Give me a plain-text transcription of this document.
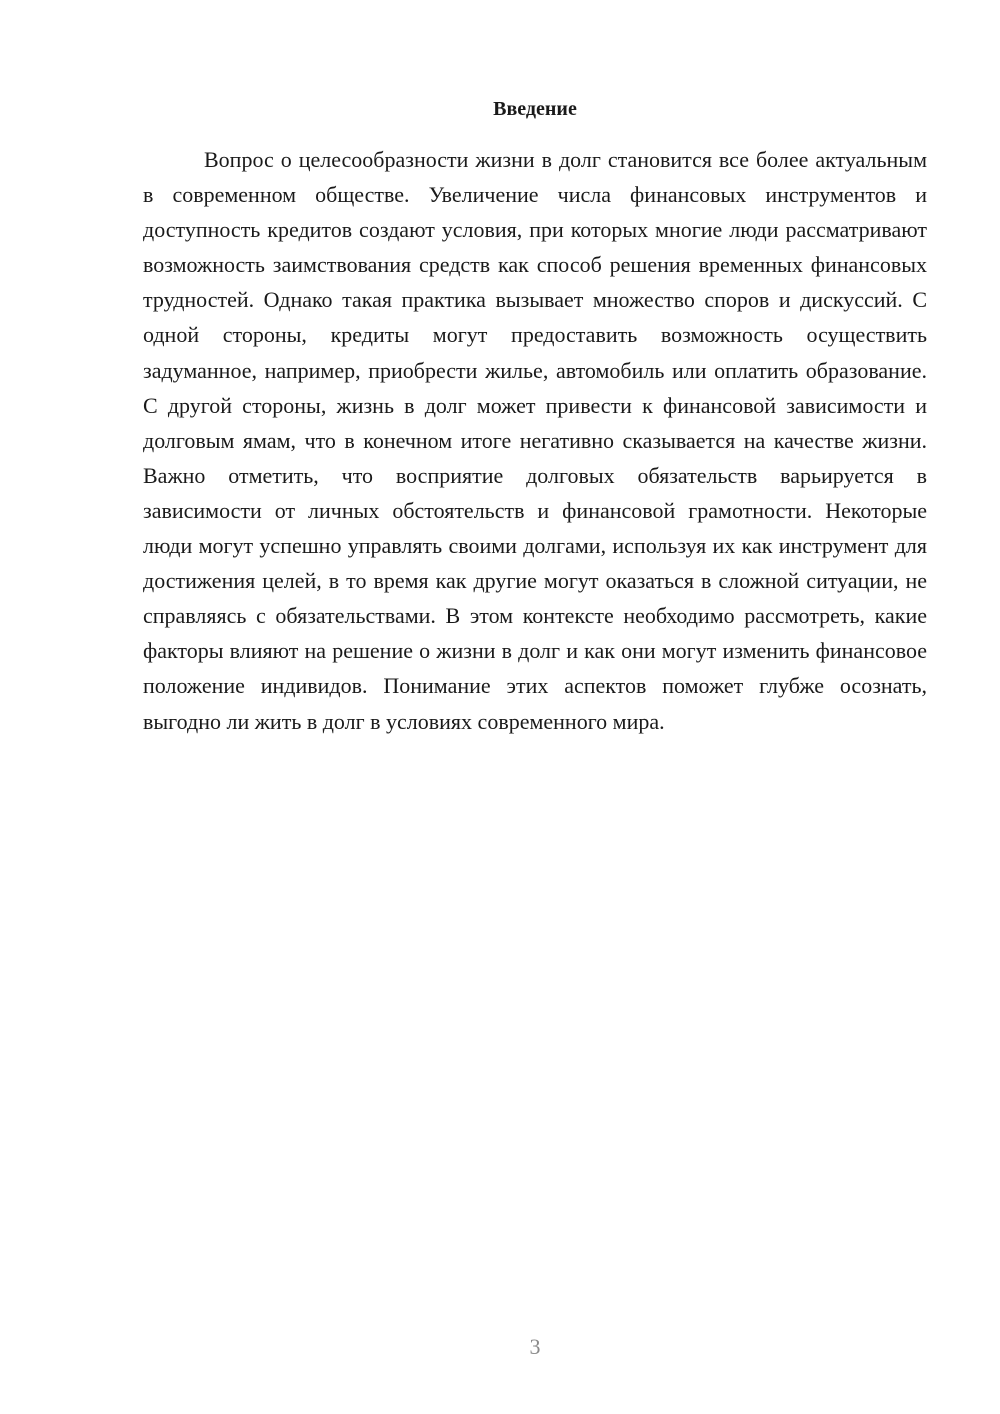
Введение

Вопрос о целесообразности жизни в долг становится все более актуальным в современном обществе. Увеличение числа финансовых инструментов и доступность кредитов создают условия, при которых многие люди рассматривают возможность заимствования средств как способ решения временных финансовых трудностей. Однако такая практика вызывает множество споров и дискуссий. С одной стороны, кредиты могут предоставить возможность осуществить задуманное, например, приобрести жилье, автомобиль или оплатить образование. С другой стороны, жизнь в долг может привести к финансовой зависимости и долговым ямам, что в конечном итоге негативно сказывается на качестве жизни. Важно отметить, что восприятие долговых обязательств варьируется в зависимости от личных обстоятельств и финансовой грамотности. Некоторые люди могут успешно управлять своими долгами, используя их как инструмент для достижения целей, в то время как другие могут оказаться в сложной ситуации, не справляясь с обязательствами. В этом контексте необходимо рассмотреть, какие факторы влияют на решение о жизни в долг и как они могут изменить финансовое положение индивидов. Понимание этих аспектов поможет глубже осознать, выгодно ли жить в долг в условиях современного мира.

3
